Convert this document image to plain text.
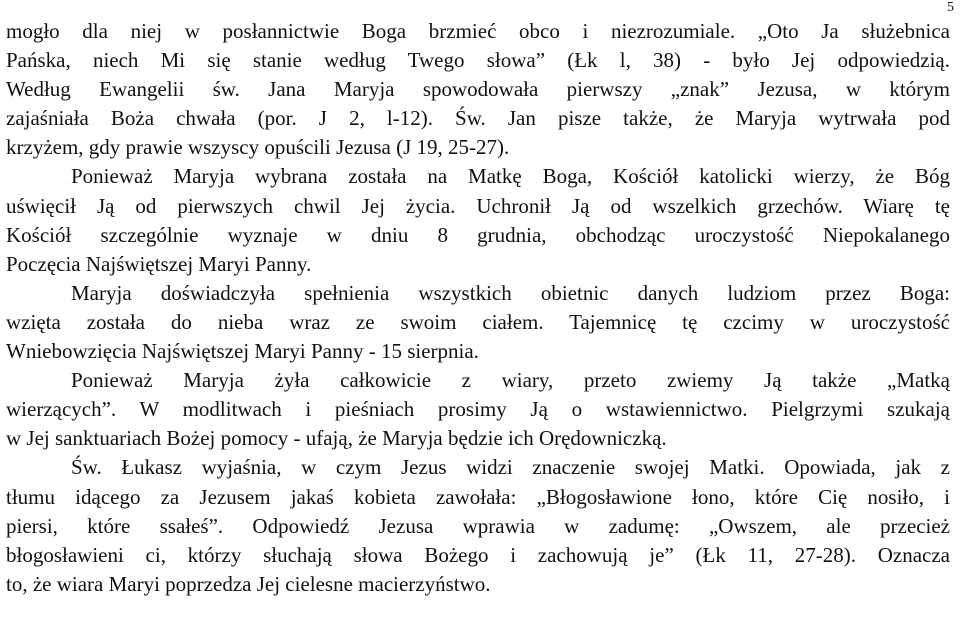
5
mogło dla niej w posłannictwie Boga brzmieć obco i niezrozumiale. „Oto Ja służebnica
Pańska, niech Mi się stanie według Twego słowa” (Łk l, 38) - było Jej odpowiedzią.
Według Ewangelii św. Jana Maryja spowodowała pierwszy „znak” Jezusa, w którym
zajaśniała Boża chwała (por. J 2, l-12). Św. Jan pisze także, że Maryja wytrwała pod
krzyżem, gdy prawie wszyscy opuścili Jezusa (J 19, 25-27).
Ponieważ Maryja wybrana została na Matkę Boga, Kościół katolicki wierzy, że Bóg
uświęcił Ją od pierwszych chwil Jej życia. Uchronił Ją od wszelkich grzechów. Wiarę tę
Kościół szczególnie wyznaje w dniu 8 grudnia, obchodząc uroczystość Niepokalanego
Poczęcia Najświętszej Maryi Panny.
Maryja doświadczyła spełnienia wszystkich obietnic danych ludziom przez Boga:
wzięta została do nieba wraz ze swoim ciałem. Tajemnicę tę czcimy w uroczystość
Wniebowzięcia Najświętszej Maryi Panny - 15 sierpnia.
Ponieważ Maryja żyła całkowicie z wiary, przeto zwiemy Ją także „Matką
wierzących”. W modlitwach i pieśniach prosimy Ją o wstawiennictwo. Pielgrzymi szukają
w Jej sanktuariach Bożej pomocy - ufają, że Maryja będzie ich Orędowniczką.
Św. Łukasz wyjaśnia, w czym Jezus widzi znaczenie swojej Matki. Opowiada, jak z
tłumu idącego za Jezusem jakaś kobieta zawołała: „Błogosławione łono, które Cię nosiło, i
piersi, które ssałeś”. Odpowiedź Jezusa wprawia w zadumę: „Owszem, ale przecież
błogosławieni ci, którzy słuchają słowa Bożego i zachowują je” (Łk 11, 27-28). Oznacza
to, że wiara Maryi poprzedza Jej cielesne macierzyństwo.
